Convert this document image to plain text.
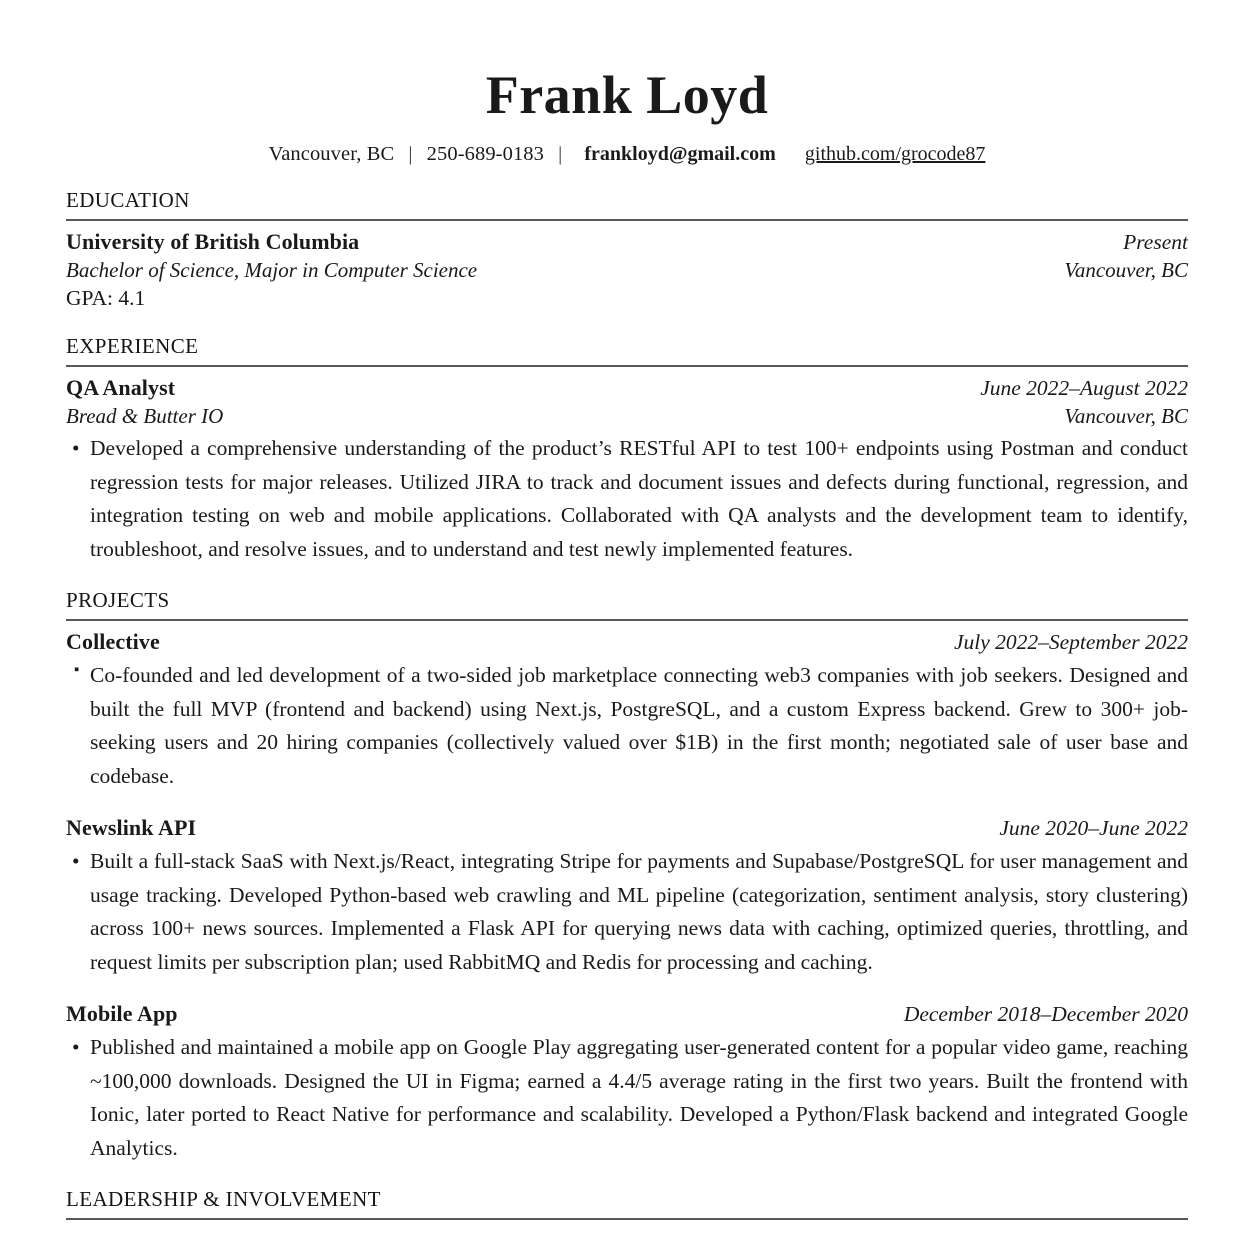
Frank Loyd
Vancouver, BC | 250-689-0183 | frankloyd@gmail.com github.com/grocode87
EDUCATION
University of British Columbia	Present
Bachelor of Science, Major in Computer Science	Vancouver, BC
GPA: 4.1
EXPERIENCE
QA Analyst	June 2022–August 2022
Bread & Butter IO	Vancouver, BC
• Developed a comprehensive understanding of the product’s RESTful API to test 100+ endpoints using Postman and conduct regression tests for major releases. Utilized JIRA to track and document issues and defects during functional, regression, and integration testing on web and mobile applications. Collaborated with QA analysts and the development team to identify, troubleshoot, and resolve issues, and to understand and test newly implemented features.
PROJECTS
Collective	July 2022–September 2022
▪ Co-founded and led development of a two-sided job marketplace connecting web3 companies with job seekers. Designed and built the full MVP (frontend and backend) using Next.js, PostgreSQL, and a custom Express backend. Grew to 300+ job-seeking users and 20 hiring companies (collectively valued over $1B) in the first month; negotiated sale of user base and codebase.
Newslink API	June 2020–June 2022
• Built a full-stack SaaS with Next.js/React, integrating Stripe for payments and Supabase/PostgreSQL for user management and usage tracking. Developed Python-based web crawling and ML pipeline (categorization, sentiment analysis, story clustering) across 100+ news sources. Implemented a Flask API for querying news data with caching, optimized queries, throttling, and request limits per subscription plan; used RabbitMQ and Redis for processing and caching.
Mobile App	December 2018–December 2020
• Published and maintained a mobile app on Google Play aggregating user-generated content for a popular video game, reaching ~100,000 downloads. Designed the UI in Figma; earned a 4.4/5 average rating in the first two years. Built the frontend with Ionic, later ported to React Native for performance and scalability. Developed a Python/Flask backend and integrated Google Analytics.
LEADERSHIP & INVOLVEMENT
